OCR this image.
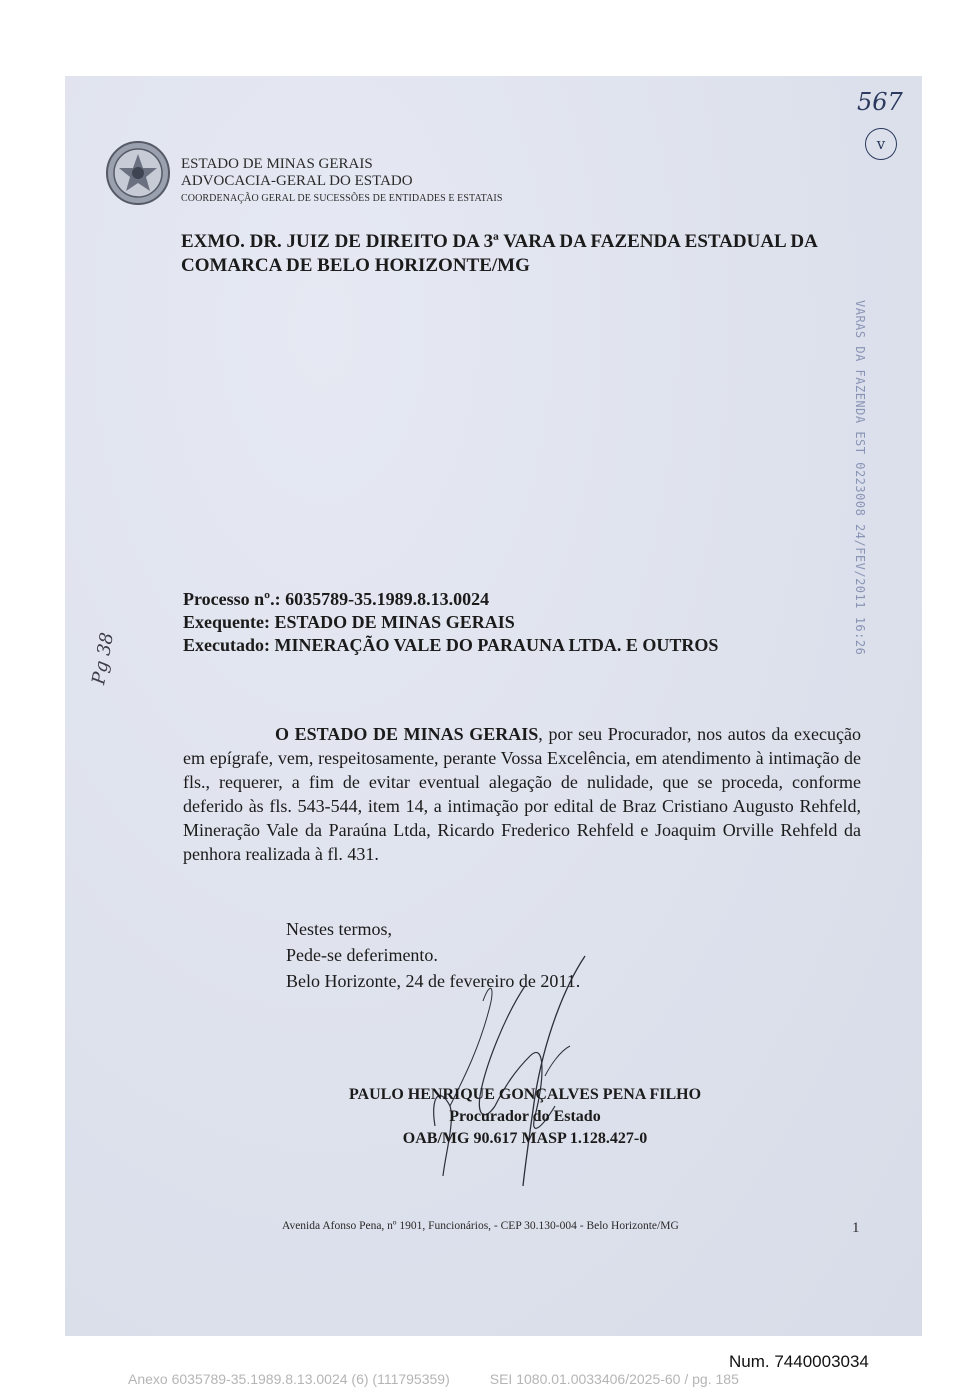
ESTADO DE MINAS GERAIS
ADVOCACIA-GERAL DO ESTADO
COORDENAÇÃO GERAL DE SUCESSÕES DE ENTIDADES E ESTATAIS
EXMO. DR. JUIZ DE DIREITO DA 3ª VARA DA FAZENDA ESTADUAL DA COMARCA DE BELO HORIZONTE/MG
VARAS DA FAZENDA EST 0223008 24/FEV/2011 16:26
567
v
Pg 38
Processo nº.: 6035789-35.1989.8.13.0024
Exequente: ESTADO DE MINAS GERAIS
Executado: MINERAÇÃO VALE DO PARAUNA LTDA. E OUTROS
O ESTADO DE MINAS GERAIS, por seu Procurador, nos autos da execução em epígrafe, vem, respeitosamente, perante Vossa Excelência, em atendimento à intimação de fls., requerer, a fim de evitar eventual alegação de nulidade, que se proceda, conforme deferido às fls. 543-544, item 14, a intimação por edital de Braz Cristiano Augusto Rehfeld, Mineração Vale da Paraúna Ltda, Ricardo Frederico Rehfeld e Joaquim Orville Rehfeld da penhora realizada à fl. 431.
Nestes termos,
Pede-se deferimento.
Belo Horizonte, 24 de fevereiro de 2011.
PAULO HENRIQUE GONÇALVES PENA FILHO
Procurador do Estado
OAB/MG 90.617 MASP 1.128.427-0
Avenida Afonso Pena, nº 1901, Funcionários, - CEP 30.130-004 - Belo Horizonte/MG	1
Num. 7440003034
Anexo 6035789-35.1989.8.13.0024 (6) (111795359)	SEI 1080.01.0033406/2025-60 / pg. 185
